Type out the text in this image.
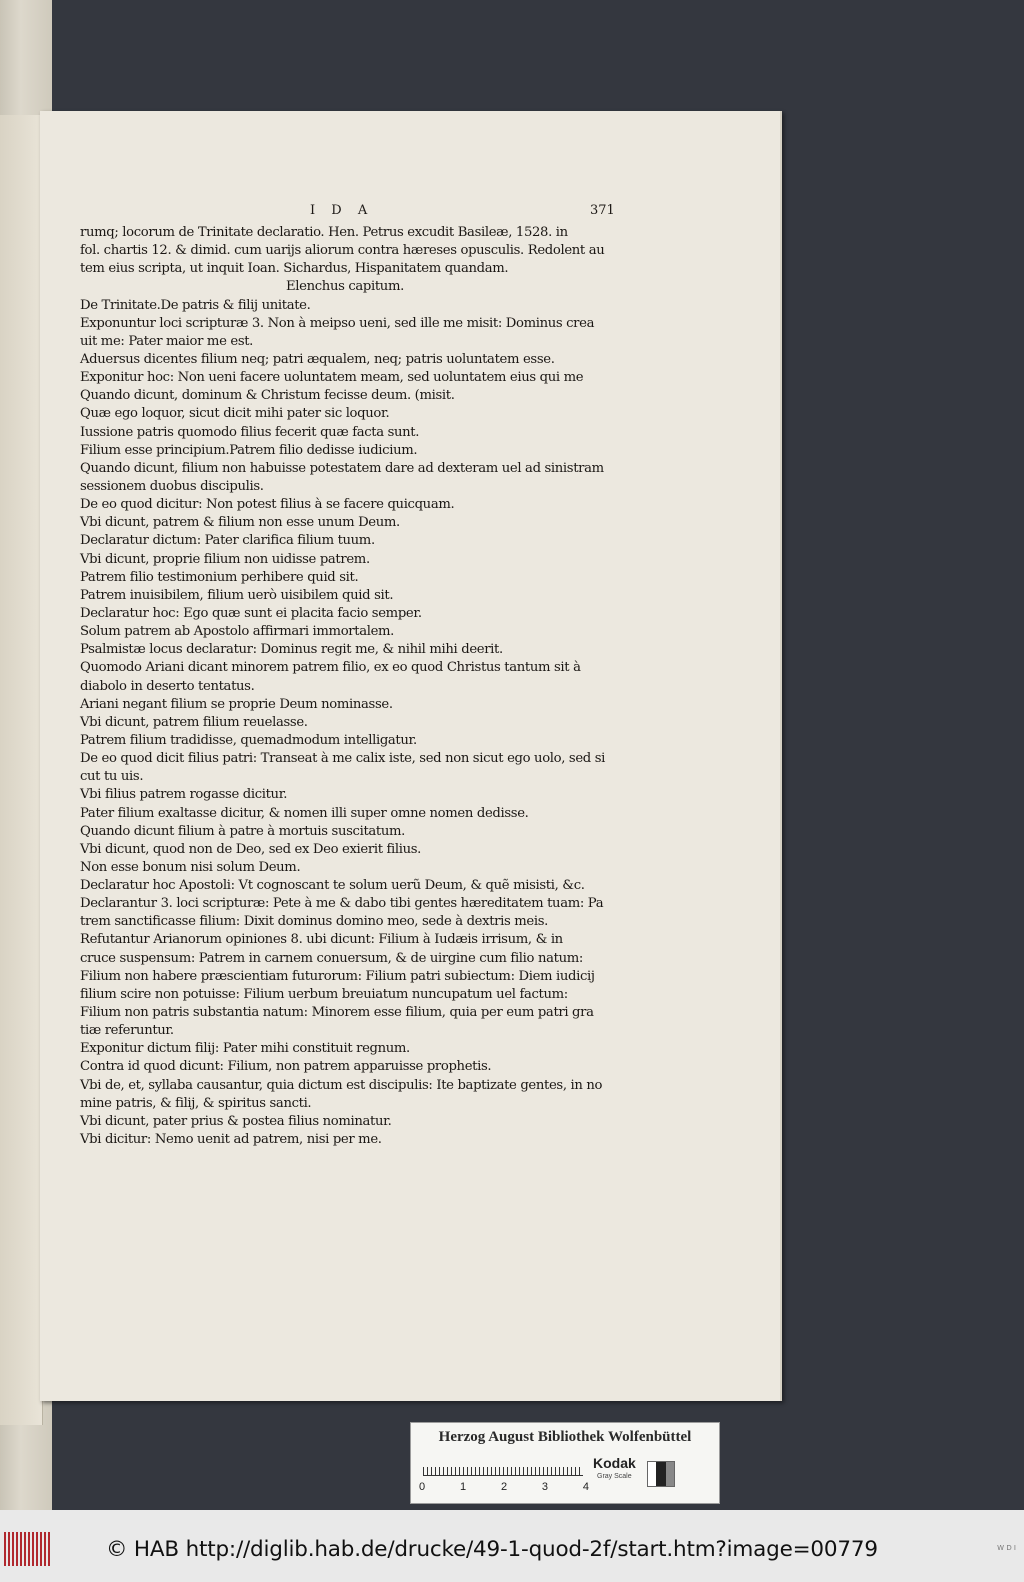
I D A	371
rumq; locorum de Trinitate declaratio. Hen. Petrus excudit Basileæ, 1528. in
fol. chartis 12. & dimid. cum uarijs aliorum contra hæreses opusculis. Redolent au
tem eius scripta, ut inquit Ioan. Sichardus, Hispanitatem quandam.
Elenchus capitum.
De Trinitate.De patris & filij unitate.
Exponuntur loci scripturæ 3. Non à meipso ueni, sed ille me misit: Dominus crea
uit me: Pater maior me est.
Aduersus dicentes filium neq; patri æqualem, neq; patris uoluntatem esse.
Exponitur hoc: Non ueni facere uoluntatem meam, sed uoluntatem eius qui me
Quando dicunt, dominum & Christum fecisse deum. (misit.
Quæ ego loquor, sicut dicit mihi pater sic loquor.
Iussione patris quomodo filius fecerit quæ facta sunt.
Filium esse principium.Patrem filio dedisse iudicium.
Quando dicunt, filium non habuisse potestatem dare ad dexteram uel ad sinistram
sessionem duobus discipulis.
De eo quod dicitur: Non potest filius à se facere quicquam.
Vbi dicunt, patrem & filium non esse unum Deum.
Declaratur dictum: Pater clarifica filium tuum.
Vbi dicunt, proprie filium non uidisse patrem.
Patrem filio testimonium perhibere quid sit.
Patrem inuisibilem, filium uerò uisibilem quid sit.
Declaratur hoc: Ego quæ sunt ei placita facio semper.
Solum patrem ab Apostolo affirmari immortalem.
Psalmistæ locus declaratur: Dominus regit me, & nihil mihi deerit.
Quomodo Ariani dicant minorem patrem filio, ex eo quod Christus tantum sit à
diabolo in deserto tentatus.
Ariani negant filium se proprie Deum nominasse.
Vbi dicunt, patrem filium reuelasse.
Patrem filium tradidisse, quemadmodum intelligatur.
De eo quod dicit filius patri: Transeat à me calix iste, sed non sicut ego uolo, sed si
cut tu uis.
Vbi filius patrem rogasse dicitur.
Pater filium exaltasse dicitur, & nomen illi super omne nomen dedisse.
Quando dicunt filium à patre à mortuis suscitatum.
Vbi dicunt, quod non de Deo, sed ex Deo exierit filius.
Non esse bonum nisi solum Deum.
Declaratur hoc Apostoli: Vt cognoscant te solum uerũ Deum, & quẽ misisti, &c.
Declarantur 3. loci scripturæ: Pete à me & dabo tibi gentes hæreditatem tuam: Pa
trem sanctificasse filium: Dixit dominus domino meo, sede à dextris meis.
Refutantur Arianorum opiniones 8. ubi dicunt: Filium à Iudæis irrisum, & in
cruce suspensum: Patrem in carnem conuersum, & de uirgine cum filio natum:
Filium non habere præscientiam futurorum: Filium patri subiectum: Diem iudicij
filium scire non potuisse: Filium uerbum breuiatum nuncupatum uel factum:
Filium non patris substantia natum: Minorem esse filium, quia per eum patri gra
tiæ referuntur.
Exponitur dictum filij: Pater mihi constituit regnum.
Contra id quod dicunt: Filium, non patrem apparuisse prophetis.
Vbi de, et, syllaba causantur, quia dictum est discipulis: Ite baptizate gentes, in no
mine patris, & filij, & spiritus sancti.
Vbi dicunt, pater prius & postea filius nominatur.
Vbi dicitur: Nemo uenit ad patrem, nisi per me.
Herzog August Bibliothek Wolfenbüttel
0	1	2	3	4
Kodak
Gray Scale
© HAB http://diglib.hab.de/drucke/49-1-quod-2f/start.htm?image=00779	W D I
